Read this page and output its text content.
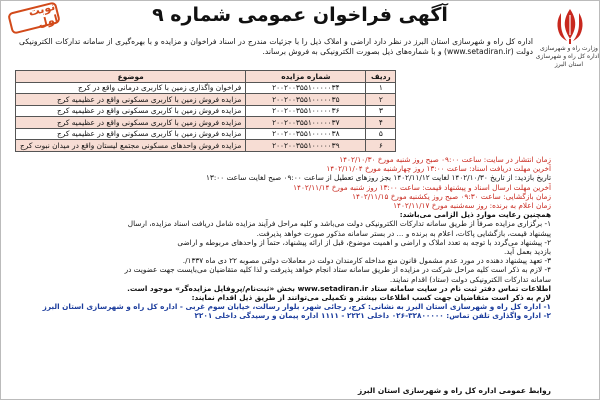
وزارت راه و شهرسازی
اداره کل راه و شهرسازی
استان البرز
آگهی فراخوان عمومی شماره ۹
نوبت اول
اداره کل راه و شهرسازی استان البرز در نظر دارد اراضی و املاک ذیل را با جزئیات مندرج در اسناد فراخوان و مزایده و با بهره‌گیری از سامانه تدارکات الکترونیکی دولت (www.setadiran.ir) و با شماره‌های ذیل بصورت الکترونیکی به فروش برساند.
ردیف	شماره مزایده	موضوع
۱	۲۰۰۲۰۰۳۵۵۱۰۰۰۰۰۳۴	فراخوان واگذاری زمین با کاربری درمانی واقع در کرج
۲	۲۰۰۲۰۰۳۵۵۱۰۰۰۰۰۳۵	مزایده فروش زمین با کاربری مسکونی واقع در عظیمیه کرج
۳	۲۰۰۲۰۰۳۵۵۱۰۰۰۰۰۳۶	مزایده فروش زمین با کاربری مسکونی واقع در عظیمیه کرج
۴	۲۰۰۲۰۰۳۵۵۱۰۰۰۰۰۳۷	مزایده فروش زمین با کاربری مسکونی واقع در عظیمیه کرج
۵	۲۰۰۲۰۰۳۵۵۱۰۰۰۰۰۳۸	مزایده فروش زمین با کاربری مسکونی واقع در عظیمیه کرج
۶	۲۰۰۲۰۰۳۵۵۱۰۰۰۰۰۳۹	مزایده فروش واحدهای مسکونی مجتمع لیستان واقع در میدان نبوت کرج
زمان انتشار در سایت: ساعت ۰۹:۰۰ صبح روز شنبه مورخ ۱۴۰۲/۱۰/۳۰
آخرین مهلت دریافت اسناد: ساعت ۱۳:۰۰ روز چهارشنبه مورخ ۱۴۰۲/۱۱/۰۴
تاریخ بازدید: از تاریخ ۱۴۰۲/۱۰/۳۰ لغایت ۱۴۰۲/۱۱/۱۲ بجز روزهای تعطیل از ساعت ۰۹:۰۰ صبح لغایت ساعت ۱۳:۰۰
آخرین مهلت ارسال اسناد و پیشنهاد قیمت: ساعت ۱۳:۰۰ روز شنبه مورخ ۱۴۰۲/۱۱/۱۴
زمان بازگشایی: ساعت ۰۹:۳۰ صبح روز یکشنبه مورخ ۱۴۰۲/۱۱/۱۵
زمان اعلام به برنده: روز سه‌شنبه مورخ ۱۴۰۲/۱۱/۱۷
همچنین رعایت موارد ذیل الزامی می‌باشد:
۱- برگزاری مزایده صرفاً از طریق سامانه تدارکات الکترونیکی دولت می‌باشد و کلیه مراحل فرآیند مزایده شامل دریافت اسناد مزایده، ارسال
پیشنهاد قیمت، بازگشایی پاکات، اعلام به برنده و ... در بستر سامانه مذکور صورت خواهد پذیرفت.
۲- پیشنهاد می‌گردد با توجه به تعدد املاک و اراضی و اهمیت موضوع، قبل از ارائه پیشنهاد، حتماً از واحدهای مربوطه و اراضی
بازدید بعمل آید.
۳- تعهد پیشنهاد دهنده در مورد عدم مشمول قانون منع مداخله کارمندان دولت در معاملات دولتی مصوبه ۲۲ دی ماه ۱۳۳۷/.
۴- لازم به ذکر است کلیه مراحل شرکت در مزایده از طریق سامانه ستاد انجام خواهد پذیرفت و لذا کلیه متقاضیان می‌بایست جهت عضویت در
سامانه تدارکات الکترونیکی دولت (ستاد) اقدام نمایند.
اطلاعات تماس دفتر ثبت نام در سایت سامانه ستاد www.setadiran.ir بخش «ثبت‌نام/پروفایل مزایده‌گر» موجود است.
لازم به ذکر است متقاضیان جهت کسب اطلاعات بیشتر و تکمیلی می‌توانند از طریق ذیل اقدام نمایند:
۱- اداره کل راه و شهرسازی استان البرز به نشانی: کرج، رجائی شهر، بلوار رسالت، خیابان سوم غربی - اداره کل راه و شهرسازی استان البرز
۲- اداره واگذاری تلفن تماس: ۳۲۸۰۰۰۰۰-۰۲۶ داخلی ۲۲۲۱ - ۱۱۱۱ اداره پیمان و رسیدگی داخلی ۲۲۰۱
روابط عمومی اداره کل راه و شهرسازی استان البرز
